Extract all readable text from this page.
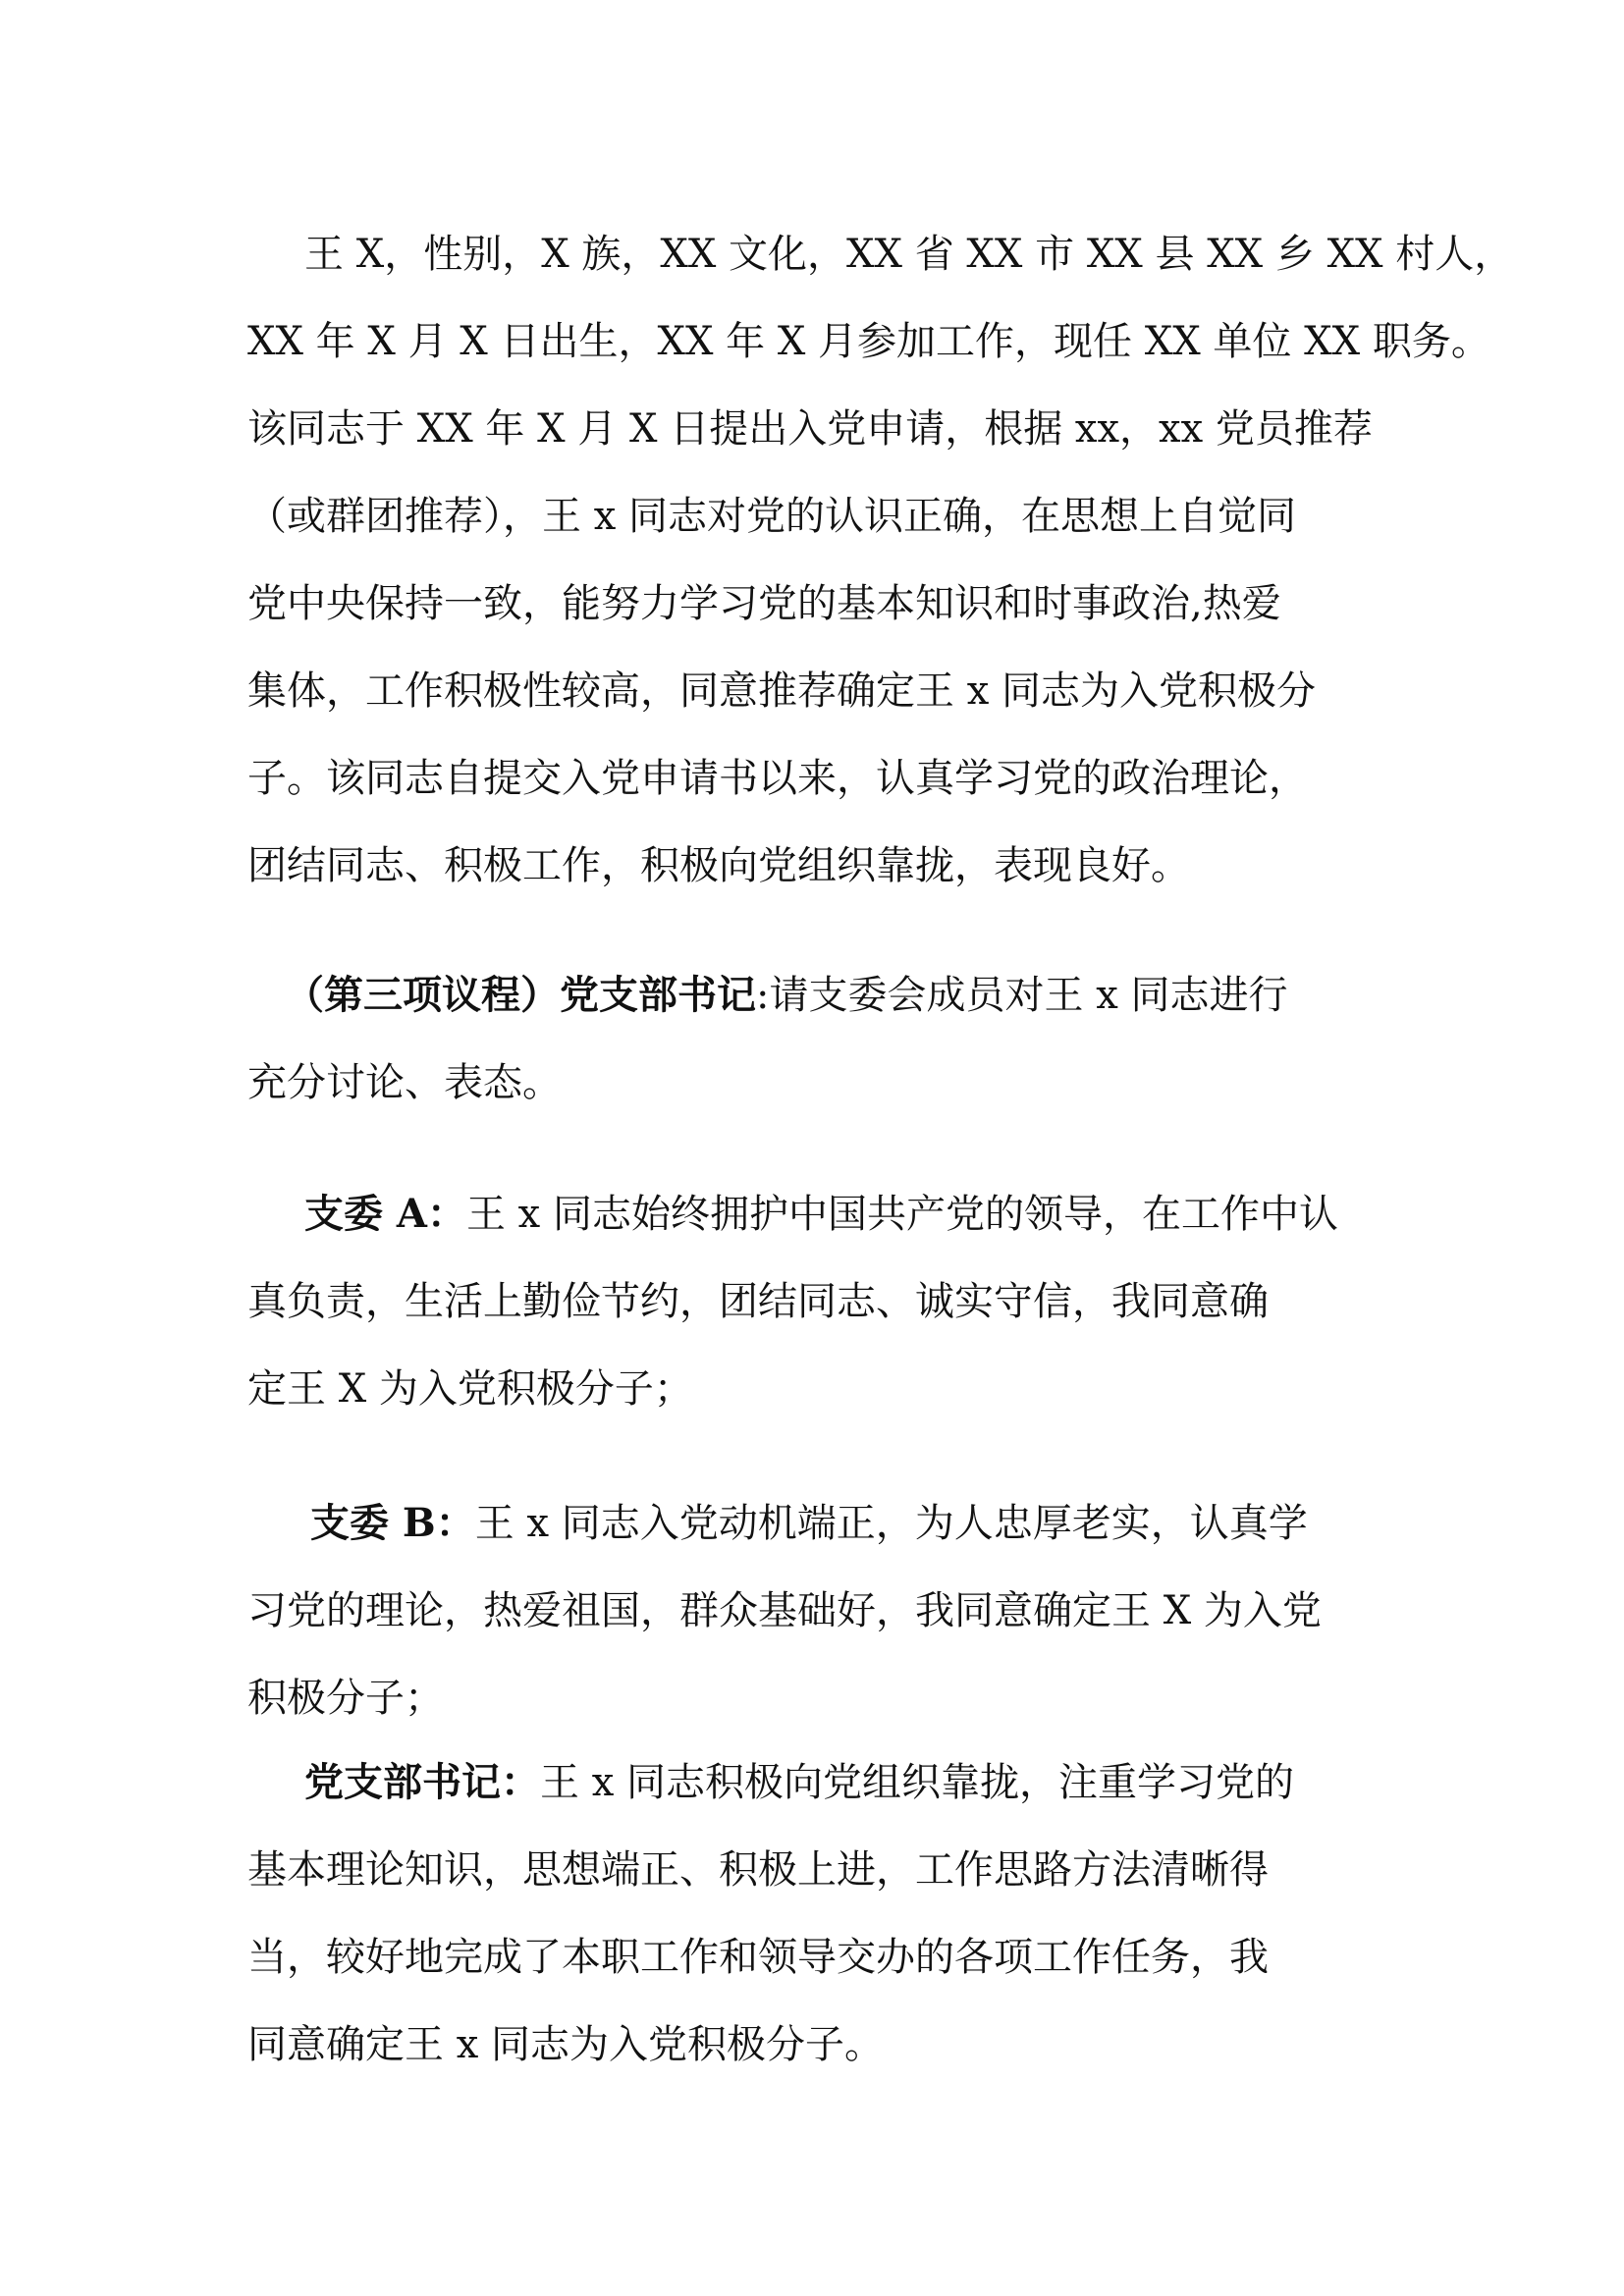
王 X，性别，X 族，XX 文化，XX 省 XX 市 XX 县 XX 乡 XX 村人，
XX 年 X 月 X 日出生，XX 年 X 月参加工作，现任 XX 单位 XX 职务。
该同志于 XX 年 X 月 X 日提出入党申请，根据 xx，xx 党员推荐
（或群团推荐），王 x 同志对党的认识正确，在思想上自觉同
党中央保持一致，能努力学习党的基本知识和时事政治,热爱
集体，工作积极性较高，同意推荐确定王 x 同志为入党积极分
子。该同志自提交入党申请书以来，认真学习党的政治理论，
团结同志、积极工作，积极向党组织靠拢，表现良好。
（第三项议程）党支部书记:请支委会成员对王 x 同志进行
充分讨论、表态。
支委 A：王 x 同志始终拥护中国共产党的领导，在工作中认
真负责，生活上勤俭节约，团结同志、诚实守信，我同意确
定王 X 为入党积极分子；
支委 B：王 x 同志入党动机端正，为人忠厚老实，认真学
习党的理论，热爱祖国，群众基础好，我同意确定王 X 为入党
积极分子；
党支部书记：王 x 同志积极向党组织靠拢，注重学习党的
基本理论知识，思想端正、积极上进，工作思路方法清晰得
当，较好地完成了本职工作和领导交办的各项工作任务，我
同意确定王 x 同志为入党积极分子。
